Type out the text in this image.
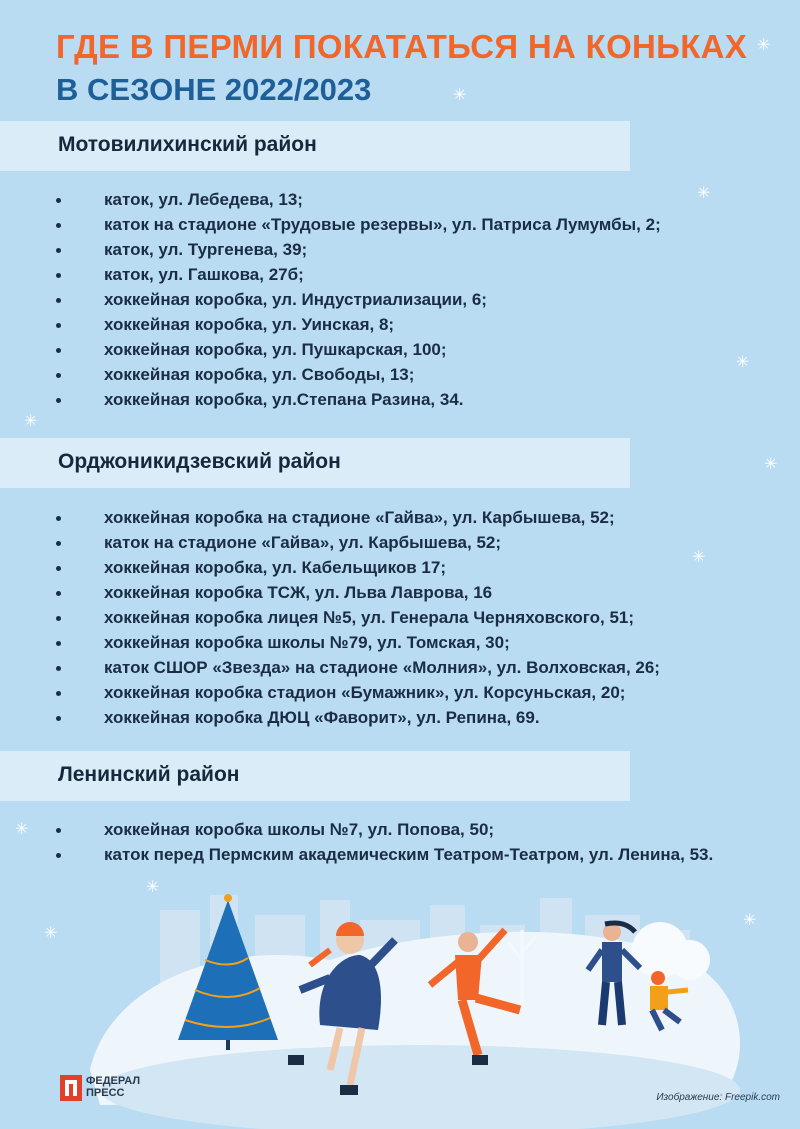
✳
✳
✳
✳
✳
✳
✳
✳
✳
✳
✳
ГДЕ В ПЕРМИ ПОКАТАТЬСЯ НА КОНЬКАХ
В СЕЗОНЕ 2022/2023
Мотовилихинский район
каток, ул. Лебедева, 13;
каток на стадионе «Трудовые резервы», ул. Патриса Лумумбы, 2;
каток, ул. Тургенева, 39;
каток, ул. Гашкова, 27б;
хоккейная коробка, ул. Индустриализации, 6;
хоккейная коробка, ул. Уинская, 8;
хоккейная коробка, ул. Пушкарская, 100;
хоккейная коробка, ул. Свободы, 13;
хоккейная коробка, ул.Степана Разина, 34.
Орджоникидзевский район
хоккейная коробка на стадионе «Гайва», ул. Карбышева, 52;
каток на стадионе «Гайва», ул. Карбышева, 52;
хоккейная коробка, ул. Кабельщиков 17;
хоккейная коробка ТСЖ, ул. Льва Лаврова, 16
хоккейная коробка лицея №5, ул. Генерала Черняховского, 51;
хоккейная коробка школы №79, ул. Томская, 30;
каток СШОР «Звезда» на стадионе «Молния», ул. Волховская, 26;
хоккейная коробка стадион «Бумажник», ул. Корсуньская, 20;
хоккейная коробка ДЮЦ «Фаворит», ул. Репина, 69.
Ленинский район
хоккейная коробка школы №7, ул. Попова, 50;
каток перед Пермским академическим Театром-Театром, ул. Ленина, 53.
ФЕДЕРАЛ
ПРЕСС	Изображение: Freepik.com
